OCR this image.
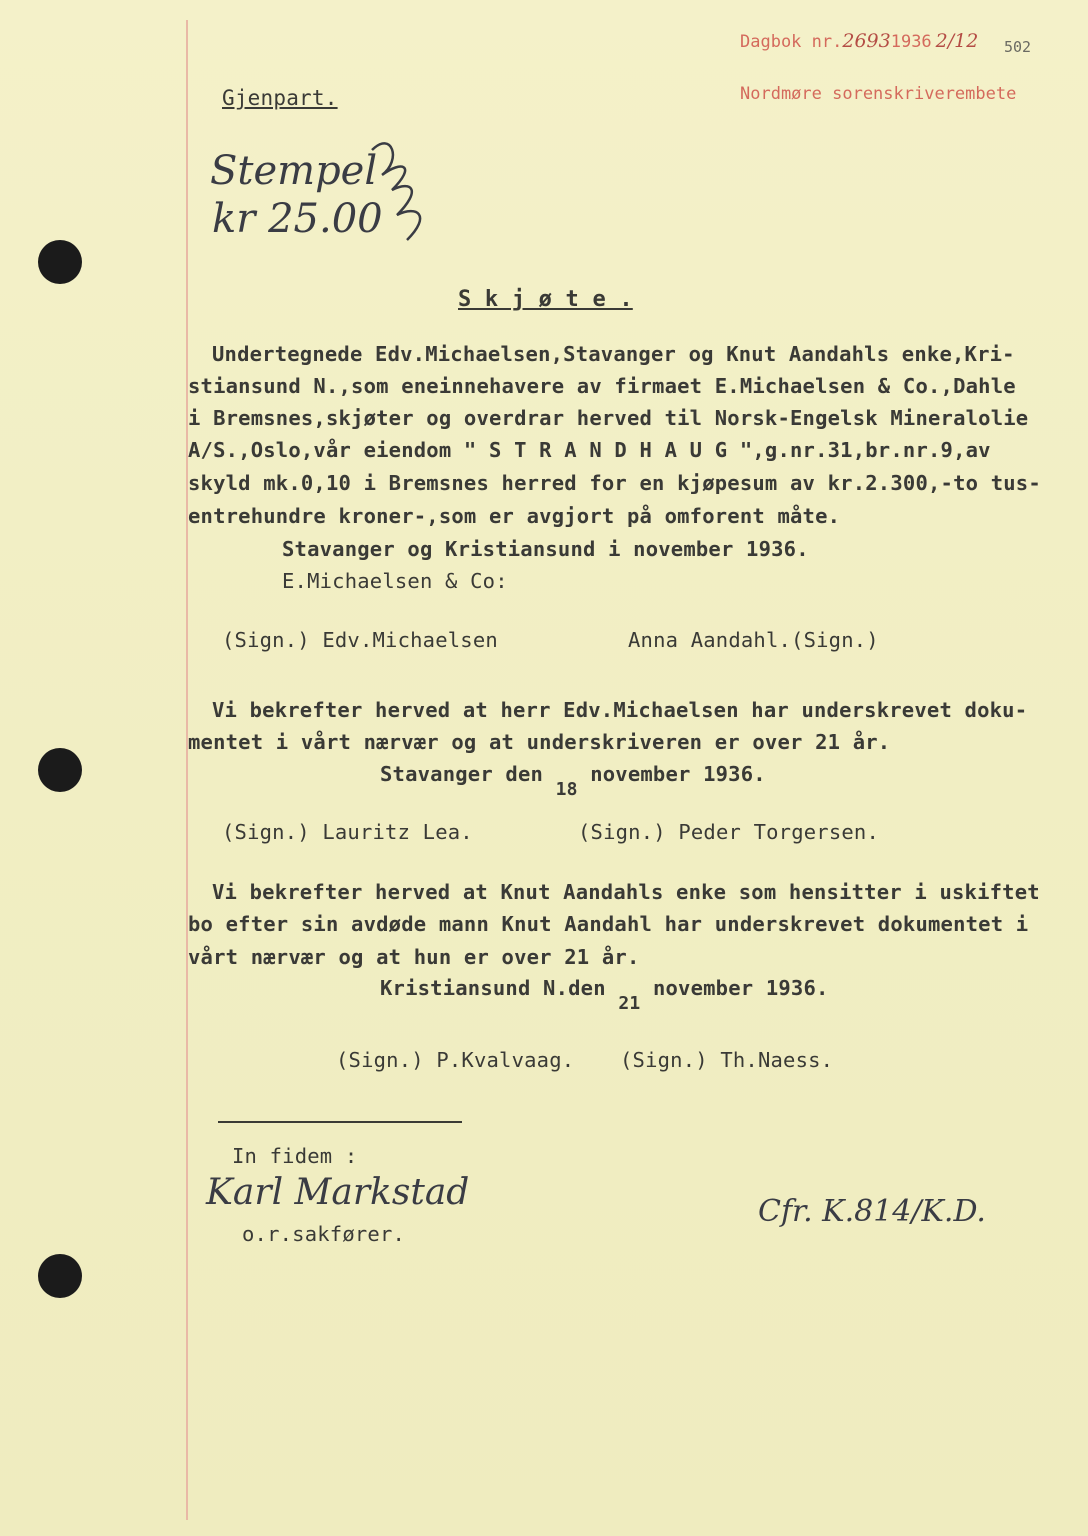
Dagbok nr.26931936 2/12 502
Nordmøre sorenskriverembete
Gjenpart.
Stempel
kr 25.00
S k j ø t e .
Undertegnede Edv.Michaelsen,Stavanger og Knut Aandahls enke,Kri-
stiansund N.,som eneinnehavere av firmaet E.Michaelsen & Co.,Dahle
i Bremsnes,skjøter og overdrar herved til Norsk-Engelsk Mineralolie
A/S.,Oslo,vår eiendom " S T R A N D H A U G ",g.nr.31,br.nr.9,av
skyld mk.0,10 i Bremsnes herred for en kjøpesum av kr.2.300,-to tus-
entrehundre kroner-,som er avgjort på omforent måte.
Stavanger og Kristiansund i november 1936.
E.Michaelsen & Co:
(Sign.) Edv.Michaelsen	Anna Aandahl.(Sign.)
Vi bekrefter herved at herr Edv.Michaelsen har underskrevet doku-
mentet i vårt nærvær og at underskriveren er over 21 år.
Stavanger den 18 november 1936.
(Sign.) Lauritz Lea.	(Sign.) Peder Torgersen.
Vi bekrefter herved at Knut Aandahls enke som hensitter i uskiftet
bo efter sin avdøde mann Knut Aandahl har underskrevet dokumentet i
vårt nærvær og at hun er over 21 år.
Kristiansund N.den 21 november 1936.
(Sign.) P.Kvalvaag. (Sign.) Th.Naess.
In fidem :
Karl Markstad
o.r.sakfører.
Cfr. K.814/K.D.
